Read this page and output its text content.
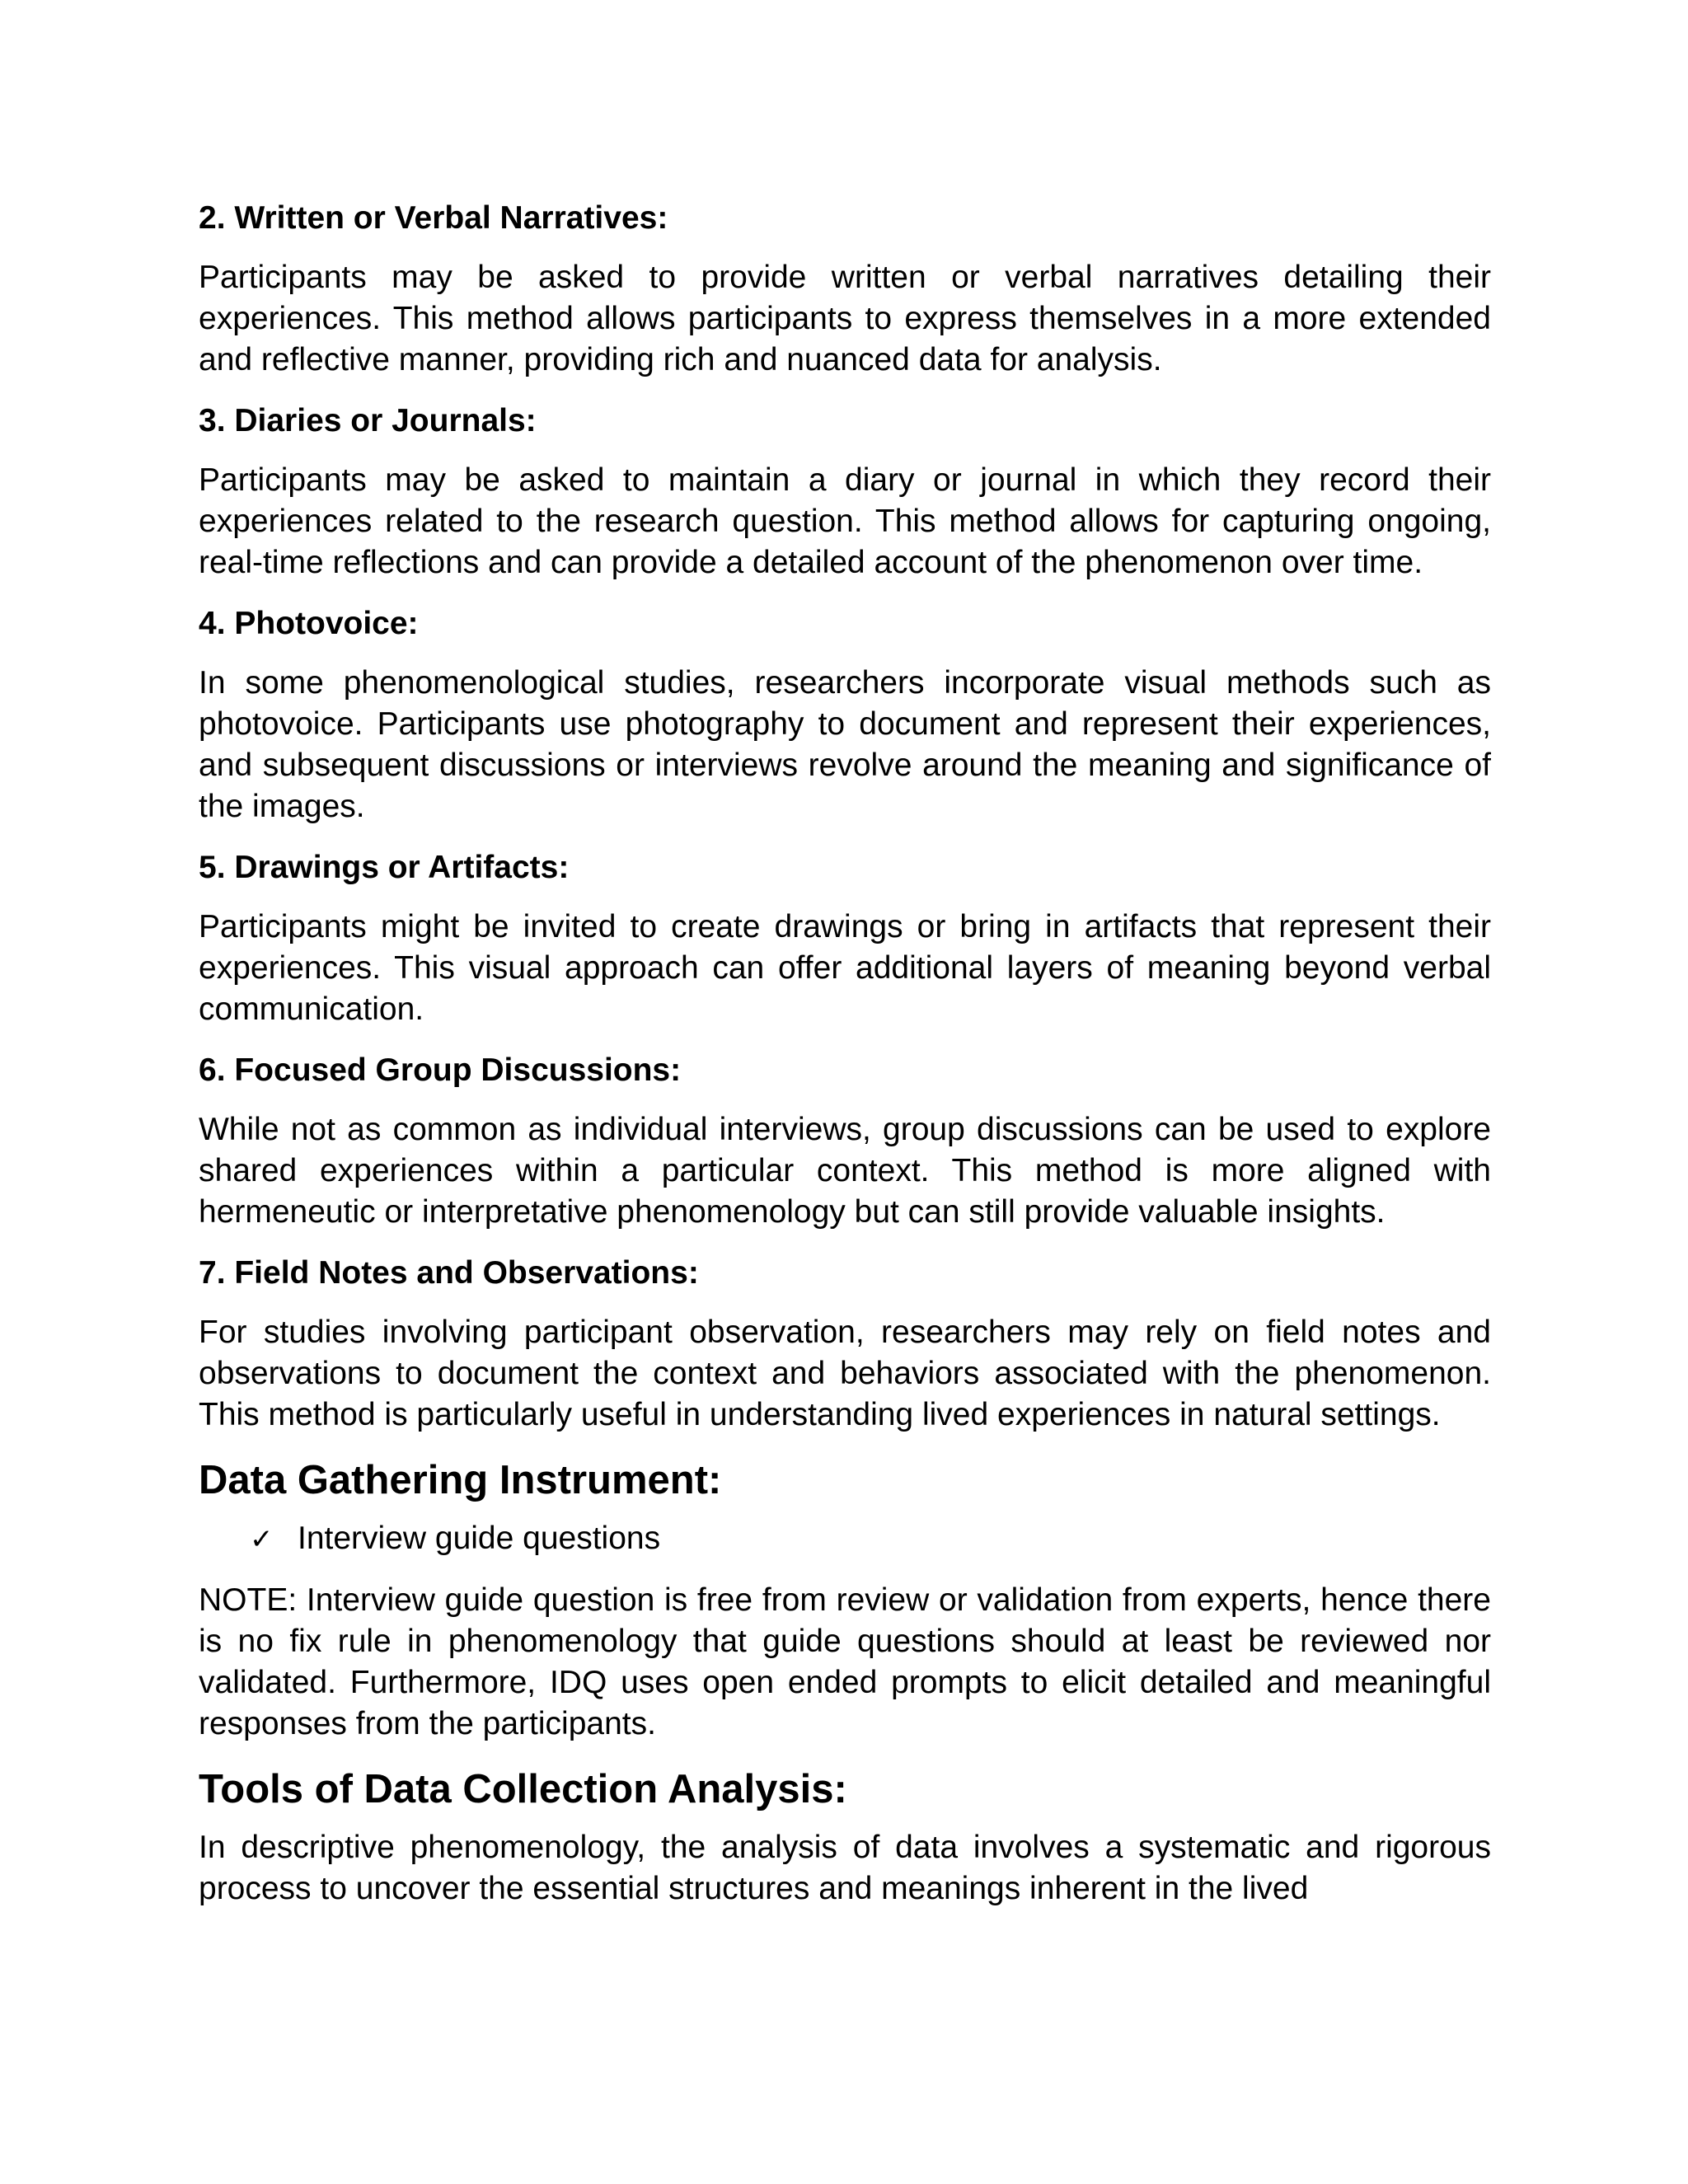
2. Written or Verbal Narratives:
Participants may be asked to provide written or verbal narratives detailing their experiences. This method allows participants to express themselves in a more extended and reflective manner, providing rich and nuanced data for analysis.
3. Diaries or Journals:
Participants may be asked to maintain a diary or journal in which they record their experiences related to the research question. This method allows for capturing ongoing, real-time reflections and can provide a detailed account of the phenomenon over time.
4. Photovoice:
In some phenomenological studies, researchers incorporate visual methods such as photovoice. Participants use photography to document and represent their experiences, and subsequent discussions or interviews revolve around the meaning and significance of the images.
5. Drawings or Artifacts:
Participants might be invited to create drawings or bring in artifacts that represent their experiences. This visual approach can offer additional layers of meaning beyond verbal communication.
6. Focused Group Discussions:
While not as common as individual interviews, group discussions can be used to explore shared experiences within a particular context. This method is more aligned with hermeneutic or interpretative phenomenology but can still provide valuable insights.
7. Field Notes and Observations:
For studies involving participant observation, researchers may rely on field notes and observations to document the context and behaviors associated with the phenomenon. This method is particularly useful in understanding lived experiences in natural settings.
Data Gathering Instrument:
✓ Interview guide questions
NOTE: Interview guide question is free from review or validation from experts, hence there is no fix rule in phenomenology that guide questions should at least be reviewed nor validated. Furthermore, IDQ uses open ended prompts to elicit detailed and meaningful responses from the participants.
Tools of Data Collection Analysis:
In descriptive phenomenology, the analysis of data involves a systematic and rigorous process to uncover the essential structures and meanings inherent in the lived
